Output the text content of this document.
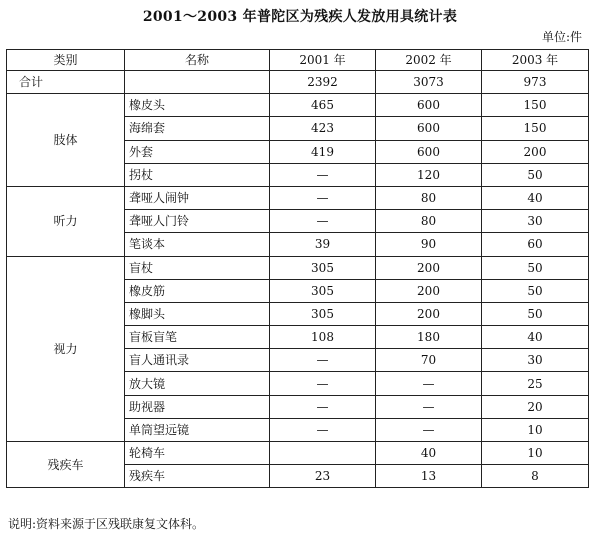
2001～2003 年普陀区为残疾人发放用具统计表
单位:件
类别	名称	2001 年	2002 年	2003 年
合计		2392	3073	973
肢体	橡皮头	465	600	150
	海绵套	423	600	150
	外套	419	600	200
	拐杖	—	120	50
听力	聋哑人闹钟	—	80	40
	聋哑人门铃	—	80	30
	笔谈本	39	90	60
视力	盲杖	305	200	50
	橡皮筋	305	200	50
	橡脚头	305	200	50
	盲板盲笔	108	180	40
	盲人通讯录	—	70	30
	放大镜	—	—	25
	助视器	—	—	20
	单筒望远镜	—	—	10
残疾车	轮椅车		40	10
	残疾车	23	13	8
说明:资料来源于区残联康复文体科。
